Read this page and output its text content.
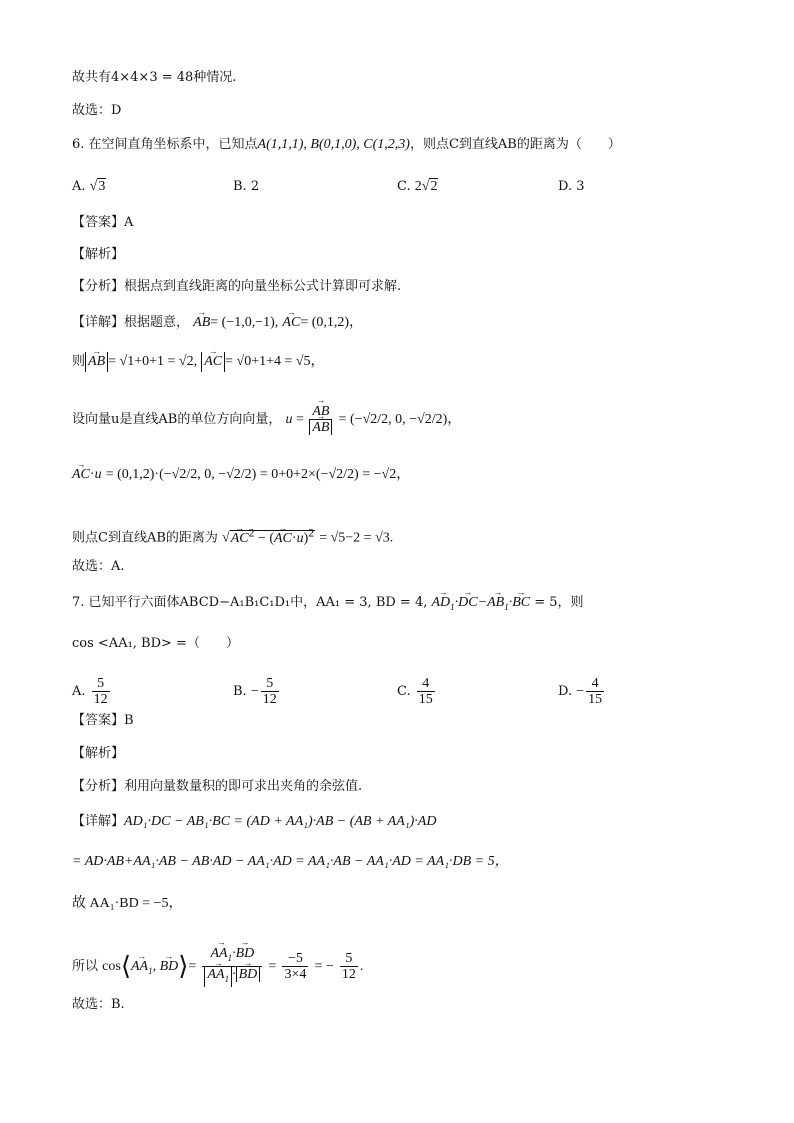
故共有4×4×3 = 48种情况.
故选：D
6. 在空间直角坐标系中，已知点A(1,1,1), B(0,1,0), C(1,2,3)，则点C到直线AB的距离为（　　）
A. √3	B. 2	C. 2√2	D. 3
【答案】A
【解析】
【分析】根据点到直线距离的向量坐标公式计算即可求解.
【详解】根据题意， → AB= (−1,0,−1), → AC= (0,1,2)，
则 → AB = √1+0+1 = √2, → AC = √0+1+4 = √5，
设向量u是直线AB的单位方向向量， u = → AB
→ AB = (−√2/2, 0, −√2/2)，
→ AC·u = (0,1,2)·(−√2/2, 0, −√2/2) = 0+0+2×(−√2/2) = −√2，
则点C到直线AB的距离为 √→ $AC^2$ − (→ AC·u)$^2$ = √5−2 = √3.
故选：A.
7. 已知平行六面体ABCD−A₁B₁C₁D₁中，AA₁ = 3, BD = 4, → $AD_1\cdot\to DC-\to AB_1\cdot\to$ BC = 5，则
cos <AA₁, BD> =（　　）
A. $\frac{5}{12}$	B. − $\frac{5}{12}$	C. $\frac{4}{15}$	D. − $\frac{4}{15}$
【答案】B
【解析】
【分析】利用向量数量积的即可求出夹角的余弦值.
【详解】AD₁·DC − AB₁·BC = (AD + AA₁)·AB − (AB + AA₁)·AD
= AD·AB+AA₁·AB − AB·AD − AA₁·AD = AA₁·AB − AA₁·AD = AA₁·DB = 5，
故 AA₁·BD = −5，
所以 cos⟨→ $AA_1$, → BD⟩= → $AA_1\cdot\to$ BD
→ $AA_1$ · → BD = $\frac{-5}{3\times 4}$ = − $\frac{5}{12}$ .
故选：B.
